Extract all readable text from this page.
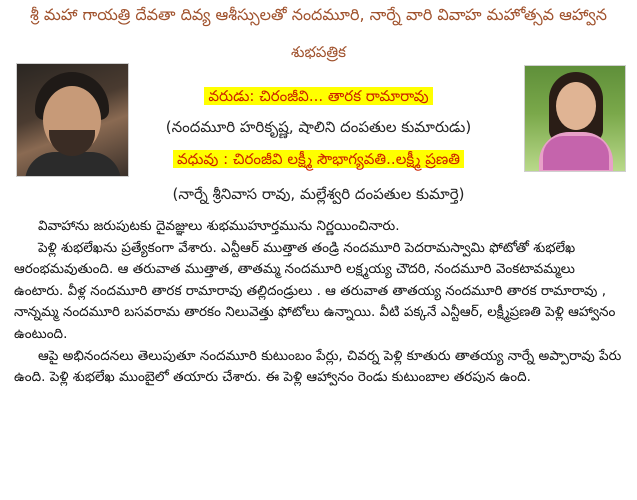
శ్రీ మహా గాయత్రి దేవతా దివ్య ఆశీస్సులతో నందమూరి, నార్నే వారి వివాహ మహోత్సవ ఆహ్వాన
శుభపత్రిక
వరుడు: చిరంజీవి... తారక రామారావు
(నందమూరి హరికృష్ణ, షాలిని దంపతుల కుమారుడు)
వధువు : చిరంజీవి లక్ష్మీ సౌభాగ్యవతి..లక్ష్మీ ప్రణతి
(నార్నే శ్రీనివాస రావు, మల్లేశ్వరి దంపతుల కుమార్తె)

వివాహాను జరుపుటకు దైవజ్ఞులు శుభముహూర్తమును నిర్ణయించినారు.

పెళ్లి శుభలేఖను ప్రత్యేకంగా వేశారు. ఎన్టీఆర్ ముత్తాత తండ్రి నందమూరి పెదరామస్వామి ఫోటోతో శుభలేఖ ఆరంభమవుతుంది. ఆ తరువాత ముత్తాత, తాతమ్మ నందమూరి లక్ష్మయ్య చౌదరి, నందమూరి వెంకటావమ్మలు ఉంటారు. వీళ్ల నందమూరి తారక రామారావు తల్లిదండ్రులు . ఆ తరువాత తాతయ్య నందమూరి తారక రామారావు , నాన్నమ్మ నందమూరి బసవరామ తారకం నిలువెత్తు ఫోటోలు ఉన్నాయి. వీటి పక్కనే ఎన్టీఆర్, లక్ష్మీప్రణతి పెళ్లి ఆహ్వానం ఉంటుంది.

ఆపై అభినందనలు తెలుపుతూ నందమూరి కుటుంబం పేర్లు, చివర్న పెళ్లి కూతురు తాతయ్య నార్నే అప్పారావు పేరు ఉంది. పెళ్లి శుభలేఖ ముంబైలో తయారు చేశారు. ఈ పెళ్లి ఆహ్వానం రెండు కుటుంబాల తరపున ఉంది.
